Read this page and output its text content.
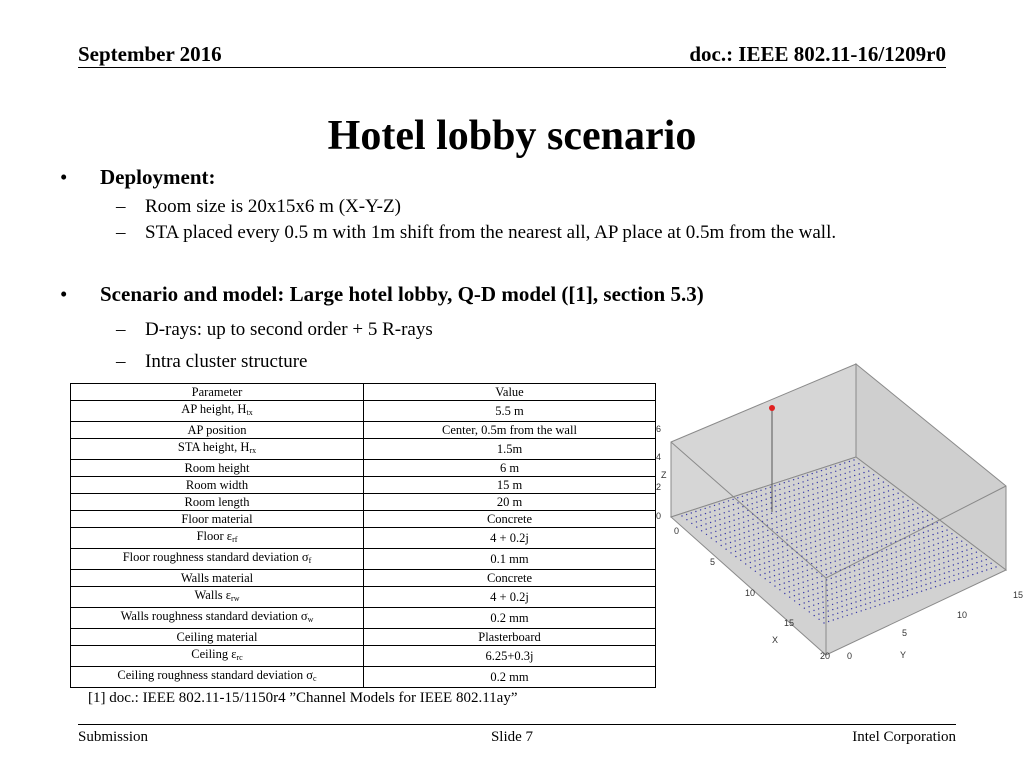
September 2016	doc.: IEEE 802.11-16/1209r0
Hotel lobby scenario
• Deployment:
– Room size is 20x15x6 m (X-Y-Z)
– STA placed every 0.5 m with 1m shift from the nearest all, AP place at 0.5m from the wall.
• Scenario and model: Large hotel lobby, Q-D model ([1], section 5.3)
– D-rays: up to second order + 5 R-rays
– Intra cluster structure
Parameter	Value
AP height, $H_{tx}$	5.5 m
AP position	Center, 0.5m from the wall
STA height, $H_{rx}$	1.5m
Room height	6 m
Room width	15 m
Room length	20 m
Floor material	Concrete
Floor $\varepsilon_{rf}$	4 + 0.2j
Floor roughness standard deviation $\sigma_f$	0.1 mm
Walls material	Concrete
Walls $\varepsilon_{rw}$	4 + 0.2j
Walls roughness standard deviation $\sigma_w$	0.2 mm
Ceiling material	Plasterboard
Ceiling $\varepsilon_{rc}$	6.25+0.3j
Ceiling roughness standard deviation $\sigma_c$	0.2 mm
6
4
2
0
Z
0
5
10
15
20
X
0
5
10
15
Y
[1] doc.: IEEE 802.11-15/1150r4 ”Channel Models for IEEE 802.11ay”
Submission	Slide 7	Intel Corporation
